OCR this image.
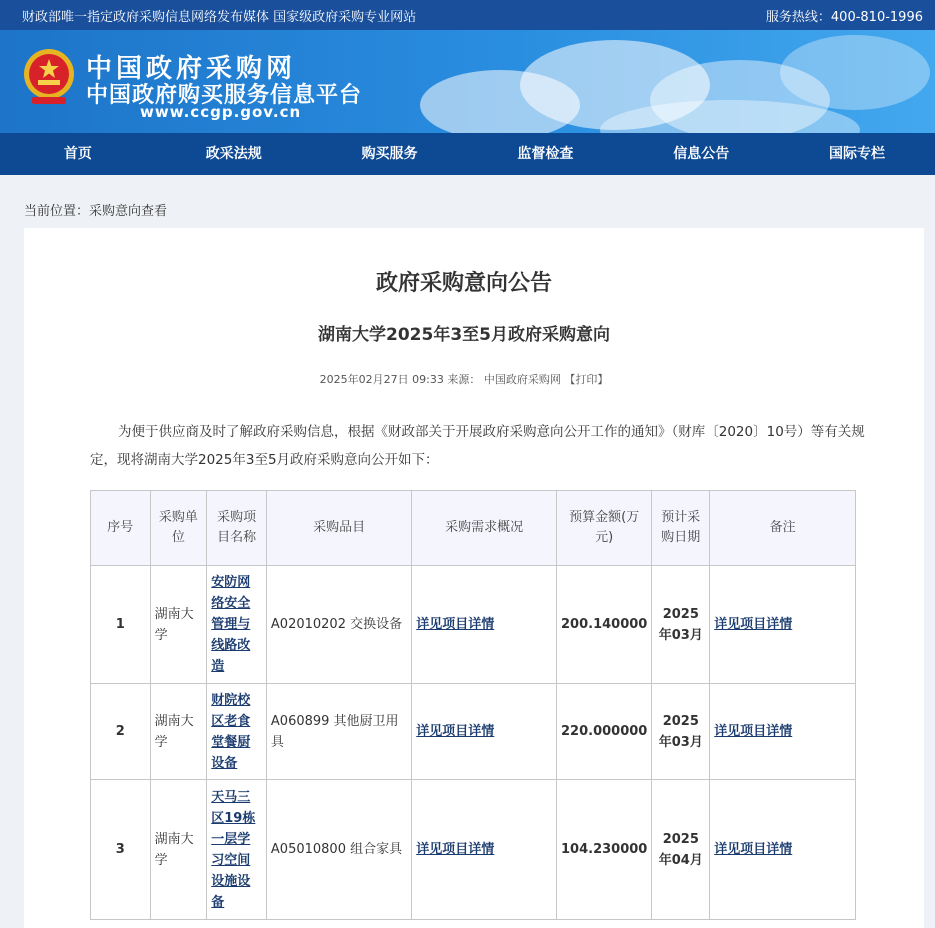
财政部唯一指定政府采购信息网络发布媒体 国家级政府采购专业网站	服务热线：400-810-1996
中国政府采购网
中国政府购买服务信息平台
www.ccgp.gov.cn
首页	政采法规	购买服务	监督检查	信息公告	国际专栏
当前位置：采购意向查看
政府采购意向公告
湖南大学2025年3至5月政府采购意向
2025年02月27日 09:33 来源： 中国政府采购网 【打印】
为便于供应商及时了解政府采购信息，根据《财政部关于开展政府采购意向公开工作的通知》（财库〔2020〕10号）等有关规定，现将湖南大学2025年3至5月政府采购意向公开如下：
序号	采购单位	采购项目名称	采购品目	采购需求概况	预算金额(万元)	预计采购日期	备注
1	湖南大学	安防网络安全管理与线路改造	A02010202 交换设备	详见项目详情	200.140000	2025年03月	详见项目详情
2	湖南大学	财院校区老食堂餐厨设备	A060899 其他厨卫用具	详见项目详情	220.000000	2025年03月	详见项目详情
3	湖南大学	天马三区19栋一层学习空间设施设备	A05010800 组合家具	详见项目详情	104.230000	2025年04月	详见项目详情
